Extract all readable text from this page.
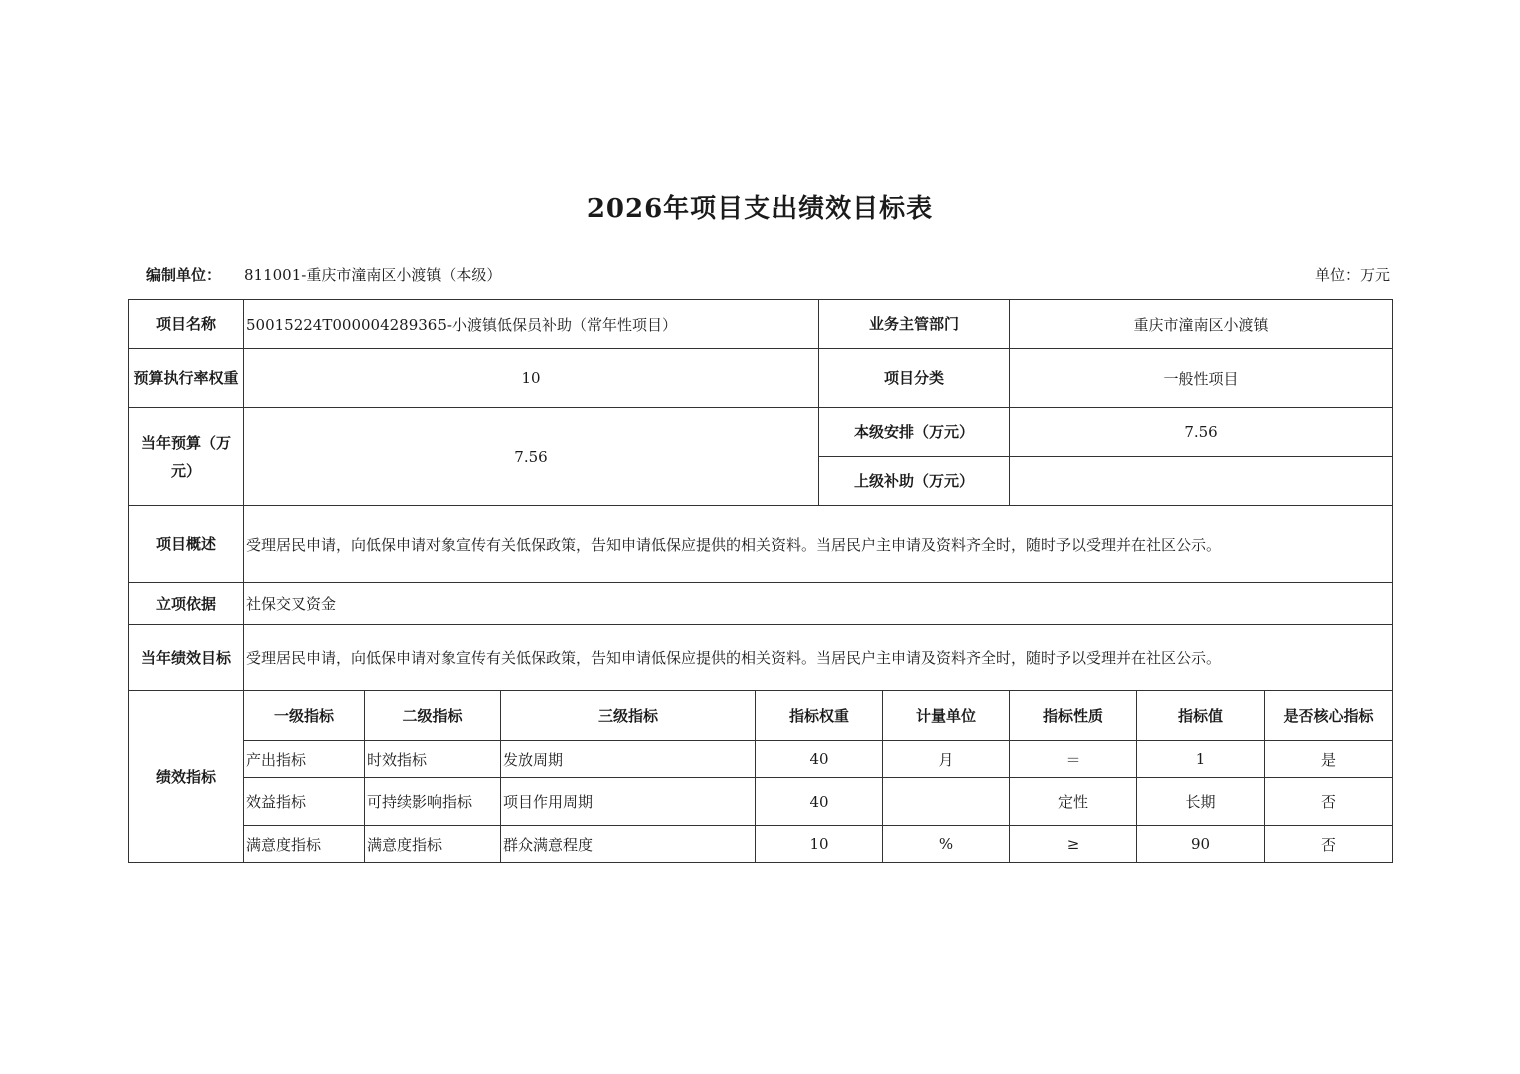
2026年项目支出绩效目标表
编制单位： 811001-重庆市潼南区小渡镇（本级）	单位：万元
项目名称	50015224T000004289365-小渡镇低保员补助（常年性项目）				业务主管部门		重庆市潼南区小渡镇		
预算执行率权重	10				项目分类		一般性项目		
当年预算（万元）	7.56				本级安排（万元）		7.56		
					上级补助（万元）				
项目概述	受理居民申请，向低保申请对象宣传有关低保政策，告知申请低保应提供的相关资料。当居民户主申请及资料齐全时，随时予以受理并在社区公示。								
立项依据	社保交叉资金								
当年绩效目标	受理居民申请，向低保申请对象宣传有关低保政策，告知申请低保应提供的相关资料。当居民户主申请及资料齐全时，随时予以受理并在社区公示。								
绩效指标	一级指标	二级指标	三级指标	指标权重		计量单位	指标性质	指标值	是否核心指标
	产出指标	时效指标	发放周期	40		月	＝	1	是
	效益指标	可持续影响指标	项目作用周期	40			定性	长期	否
	满意度指标	满意度指标	群众满意程度	10		%	≥	90	否
